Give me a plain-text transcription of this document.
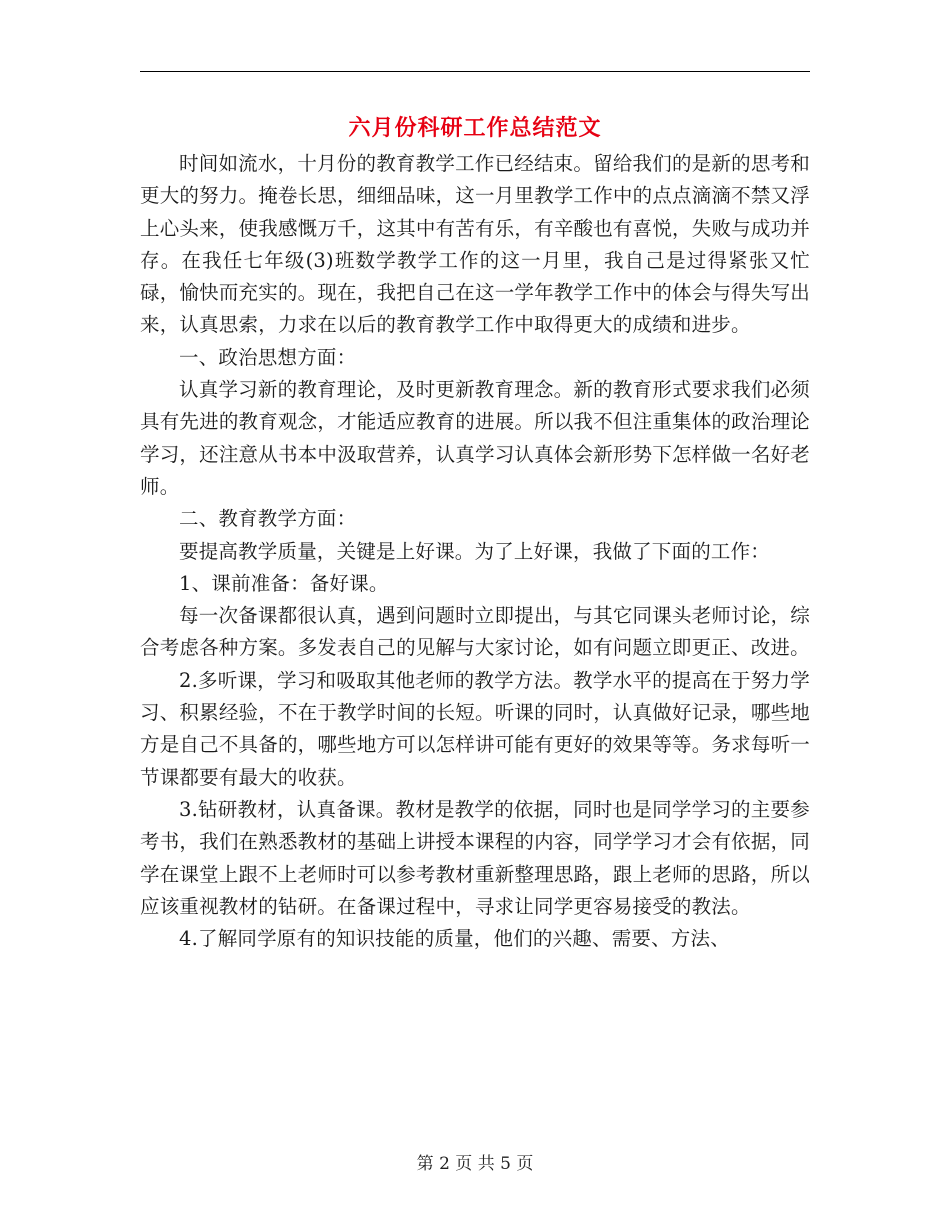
六月份科研工作总结范文

时间如流水，十月份的教育教学工作已经结束。留给我们的是新的思考和更大的努力。掩卷长思，细细品味，这一月里教学工作中的点点滴滴不禁又浮上心头来，使我感慨万千，这其中有苦有乐，有辛酸也有喜悦，失败与成功并存。在我任七年级(3)班数学教学工作的这一月里，我自己是过得紧张又忙碌，愉快而充实的。现在，我把自己在这一学年教学工作中的体会与得失写出来，认真思索，力求在以后的教育教学工作中取得更大的成绩和进步。

一、政治思想方面：

认真学习新的教育理论，及时更新教育理念。新的教育形式要求我们必须具有先进的教育观念，才能适应教育的进展。所以我不但注重集体的政治理论学习，还注意从书本中汲取营养，认真学习认真体会新形势下怎样做一名好老师。

二、教育教学方面：

要提高教学质量，关键是上好课。为了上好课，我做了下面的工作：

1、课前准备：备好课。

每一次备课都很认真，遇到问题时立即提出，与其它同课头老师讨论，综合考虑各种方案。多发表自己的见解与大家讨论，如有问题立即更正、改进。

2.多听课，学习和吸取其他老师的教学方法。教学水平的提高在于努力学习、积累经验，不在于教学时间的长短。听课的同时，认真做好记录，哪些地方是自己不具备的，哪些地方可以怎样讲可能有更好的效果等等。务求每听一节课都要有最大的收获。

3.钻研教材，认真备课。教材是教学的依据，同时也是同学学习的主要参考书，我们在熟悉教材的基础上讲授本课程的内容，同学学习才会有依据，同学在课堂上跟不上老师时可以参考教材重新整理思路，跟上老师的思路，所以应该重视教材的钻研。在备课过程中，寻求让同学更容易接受的教法。

4.了解同学原有的知识技能的质量，他们的兴趣、需要、方法、

第 2 页 共 5 页
